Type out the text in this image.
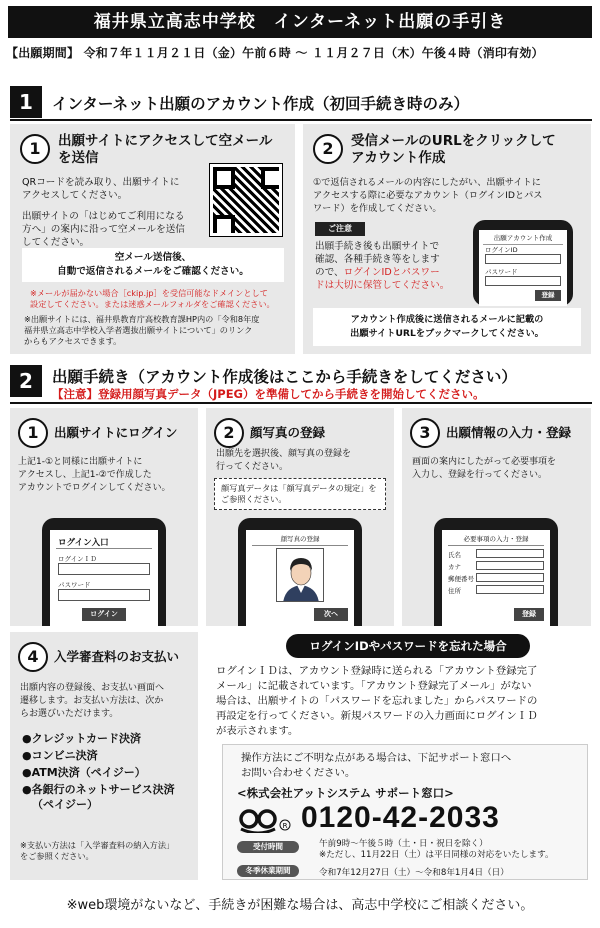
福井県立高志中学校　インターネット出願の手引き
【出願期間】 令和７年１１月２１日（金）午前６時 〜 １１月２７日（木）午後４時（消印有効）
1	インターネット出願のアカウント作成（初回手続き時のみ）
1	出願サイトにアクセスして空メール
を送信
QRコードを読み取り、出願サイトに
アクセスしてください。
出願サイトの「はじめてご利用になる
方へ」の案内に沿って空メールを送信
してください。
空メール送信後、
自動で返信されるメールをご確認ください。
※メールが届かない場合［ckip.jp］を受信可能なドメインとして
設定してください。または迷惑メールフォルダをご確認ください。
※出願サイトには、福井県教育庁高校教育課HP内の「令和8年度
福井県立高志中学校入学者選抜出願サイトについて」のリンク
からもアクセスできます。
2	受信メールのURLをクリックして
アカウント作成
①で返信されるメールの内容にしたがい、出願サイトに
アクセスする際に必要なアカウント（ログインIDとパス
ワード）を作成してください。
ご注意
出願手続き後も出願サイトで
確認、各種手続き等をします
ので、ログインIDとパスワー
ドは大切に保管してください。
出願アカウント作成
ログインID
パスワード
登録
アカウント作成後に送信されるメールに記載の
出願サイトURLをブックマークしてください。
2	出願手続き（アカウント作成後はここから手続きをしてください）
【注意】登録用顔写真データ（JPEG）を準備してから手続きを開始してください。
1	出願サイトにログイン
上記1-①と同様に出願サイトに
アクセスし、上記1-②で作成した
アカウントでログインしてください。
ログイン入口
ログインＩＤ
パスワード
ログイン
2	顔写真の登録
出願先を選択後、顔写真の登録を
行ってください。
顔写真データは「顔写真データの規定」を
ご参照ください。
顔写真の登録
次へ
3	出願情報の入力・登録
画面の案内にしたがって必要事項を
入力し、登録を行ってください。
必要事項の入力・登録
氏名
カナ
郵便番号
住所
登録
4	入学審査料のお支払い
出願内容の登録後、お支払い画面へ
遷移します。お支払い方法は、次か
らお選びいただけます。
●クレジットカード決済
●コンビニ決済
●ATM決済（ペイジー）
●各銀行のネットサービス決済
（ペイジー）
※支払い方法は「入学審査料の納入方法」
をご参照ください。
ログインIDやパスワードを忘れた場合
ログインＩＤは、アカウント登録時に送られる「アカウント登録完了
メール」に記載されています。「アカウント登録完了メール」がない
場合は、出願サイトの「パスワードを忘れました」からパスワードの
再設定を行ってください。新規パスワードの入力画面にログインＩＤ
が表示されます。
操作方法にご不明な点がある場合は、下記サポート窓口へ
お問い合わせください。
<株式会社アットシステム サポート窓口>
R 0120-42-2033
受付時間	午前9時〜午後５時（土・日・祝日を除く）
※ただし、11月22日（土）は平日同様の対応をいたします。
冬季休業期間	令和7年12月27日（土）〜令和8年1月4日（日）
※web環境がないなど、手続きが困難な場合は、高志中学校にご相談ください。
